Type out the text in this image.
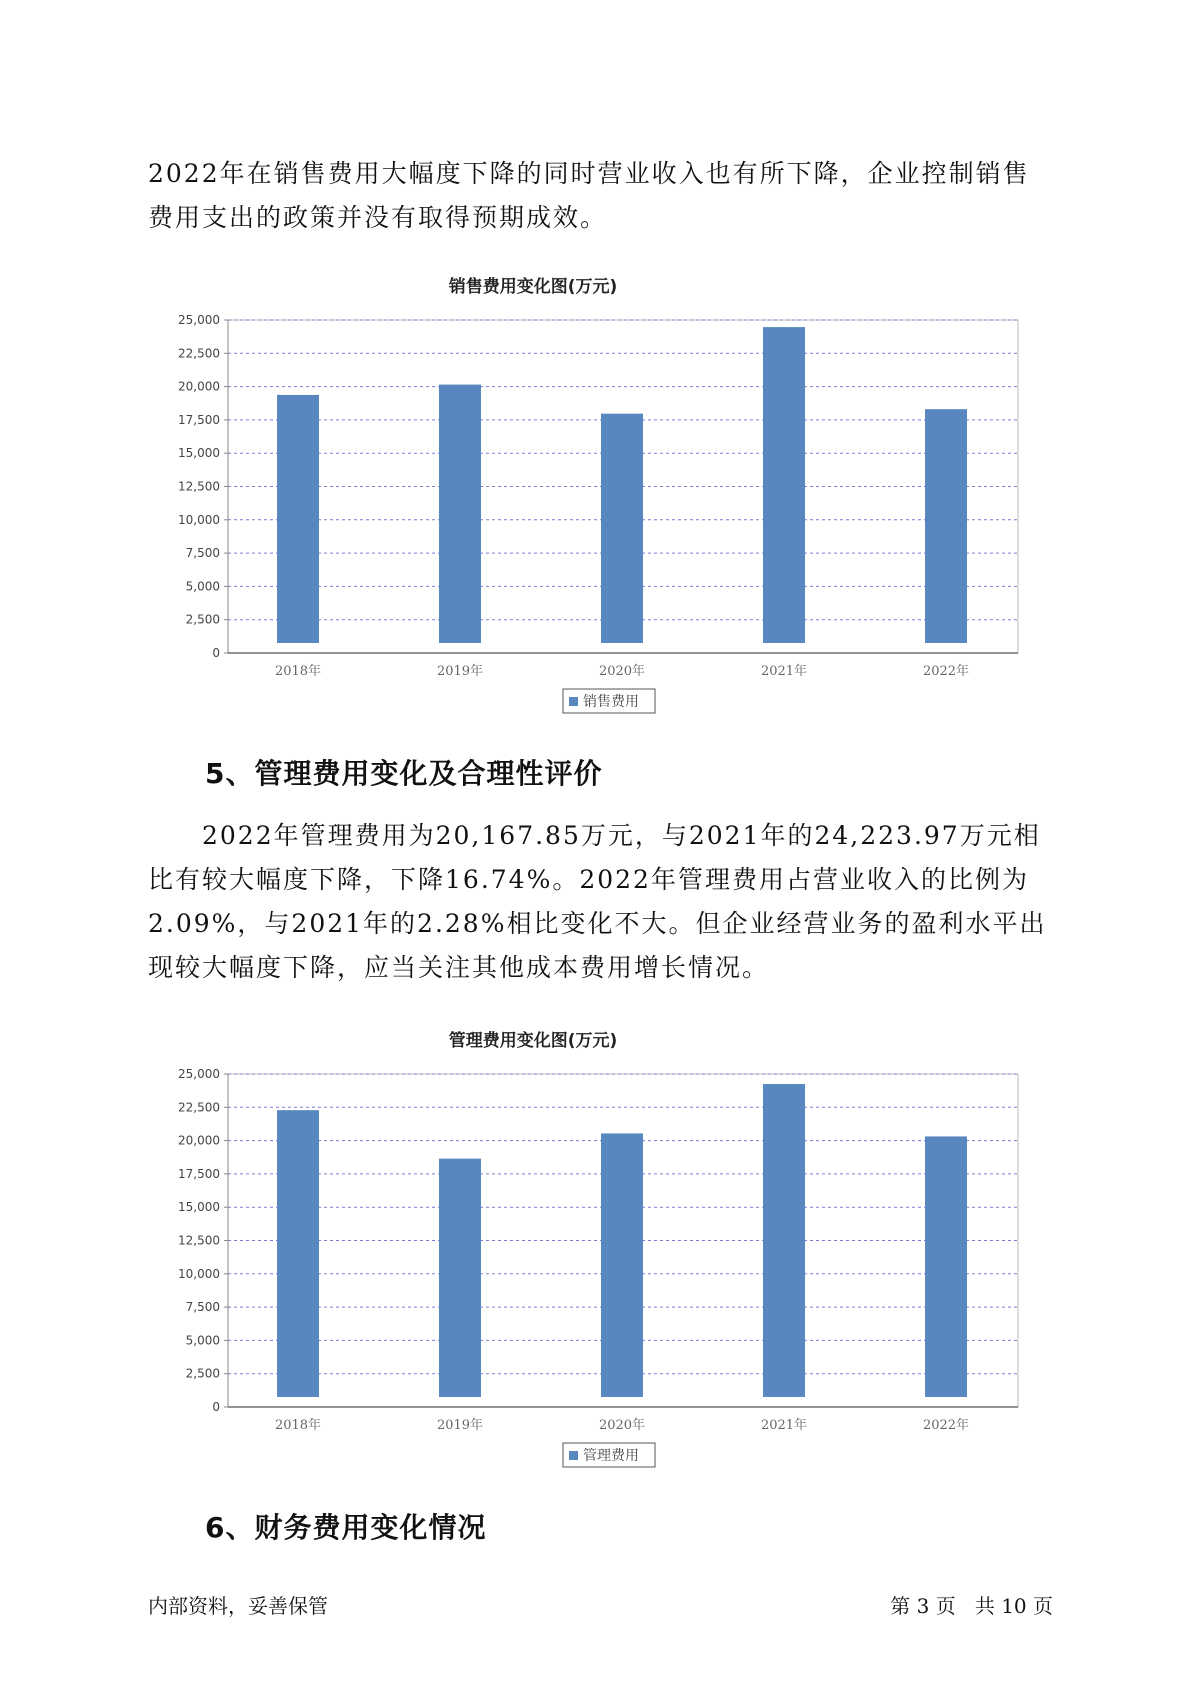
2022年在销售费用大幅度下降的同时营业收入也有所下降，企业控制销售费用支出的政策并没有取得预期成效。

销售费用变化图(万元)
0
2,500
5,000
7,500
10,000
12,500
15,000
17,500
20,000
22,500
25,000
2018年	2019年	2020年	2021年	2022年
销售费用
5、管理费用变化及合理性评价

2022年管理费用为20,167.85万元，与2021年的24,223.97万元相比有较大幅度下降，下降16.74%。2022年管理费用占营业收入的比例为2.09%，与2021年的2.28%相比变化不大。但企业经营业务的盈利水平出现较大幅度下降，应当关注其他成本费用增长情况。

管理费用变化图(万元)
0
2,500
5,000
7,500
10,000
12,500
15,000
17,500
20,000
22,500
25,000
2018年	2019年	2020年	2021年	2022年
管理费用
6、财务费用变化情况
内部资料，妥善保管	第 3 页   共 10 页
